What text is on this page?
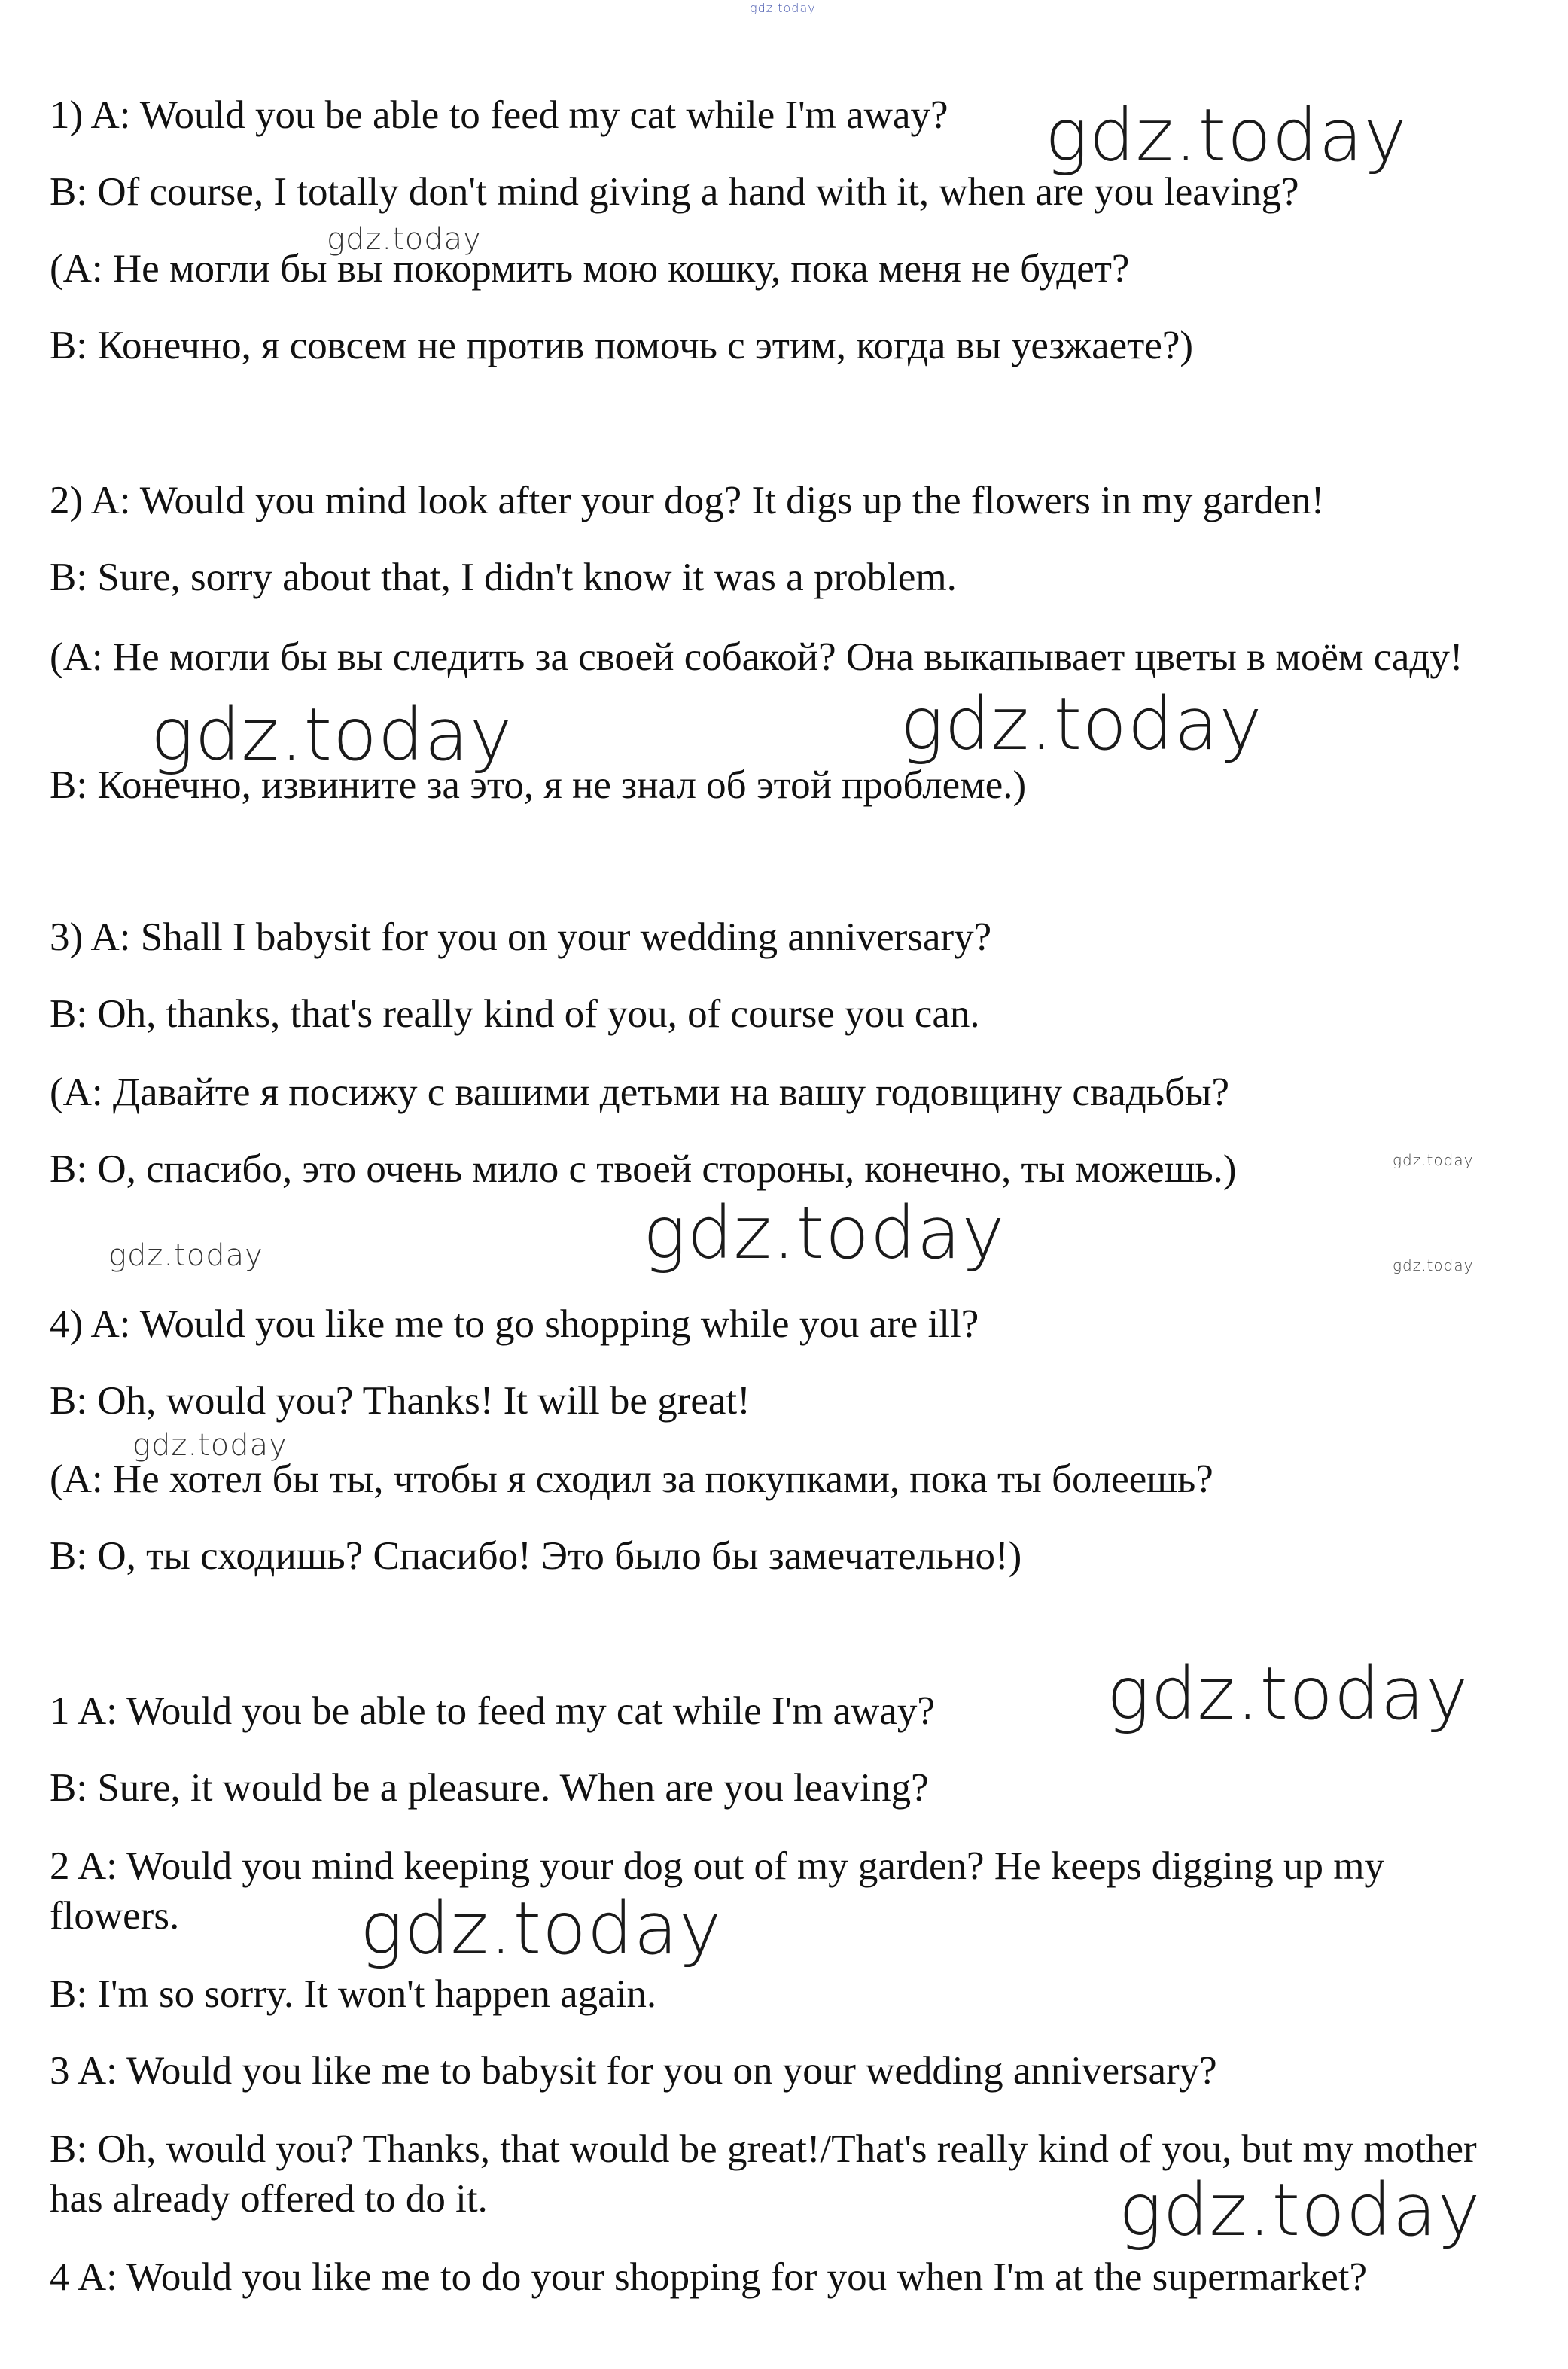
gdz.today
gdz.today
gdz.today
gdz.today	gdz.today
gdz.today
gdz.today	gdz.today	gdz.today
gdz.today
gdz.today
gdz.today
gdz.today
1) A: Would you be able to feed my cat while I'm away?
B: Of course, I totally don't mind giving a hand with it, when are you leaving?
(A: Не могли бы вы покормить мою кошку, пока меня не будет?
B: Конечно, я совсем не против помочь с этим, когда вы уезжаете?)
2) A: Would you mind look after your dog? It digs up the flowers in my garden!
B: Sure, sorry about that, I didn't know it was a problem.
(A: Не могли бы вы следить за своей собакой? Она выкапывает цветы в моём саду!
B: Конечно, извините за это, я не знал об этой проблеме.)
3) A: Shall I babysit for you on your wedding anniversary?
B: Oh, thanks, that's really kind of you, of course you can.
(A: Давайте я посижу с вашими детьми на вашу годовщину свадьбы?
B: О, спасибо, это очень мило с твоей стороны, конечно, ты можешь.)
4) A: Would you like me to go shopping while you are ill?
B: Oh, would you? Thanks! It will be great!
(A: Не хотел бы ты, чтобы я сходил за покупками, пока ты болеешь?
B: О, ты сходишь? Спасибо! Это было бы замечательно!)
1 A: Would you be able to feed my cat while I'm away?
B: Sure, it would be a pleasure. When are you leaving?
2 A: Would you mind keeping your dog out of my garden? He keeps digging up my flowers.
B: I'm so sorry. It won't happen again.
3 A: Would you like me to babysit for you on your wedding anniversary?
B: Oh, would you? Thanks, that would be great!/That's really kind of you, but my mother has already offered to do it.
4 A: Would you like me to do your shopping for you when I'm at the supermarket?
